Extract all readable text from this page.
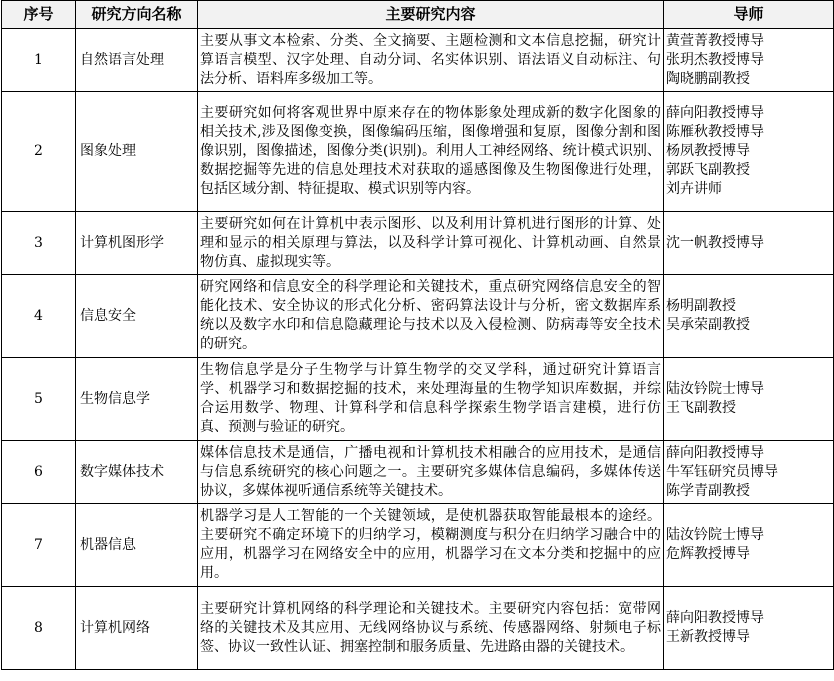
序号	研究方向名称	主要研究内容	导师
1	自然语言处理	主要从事文本检索、分类、全文摘要、主题检测和文本信息挖掘，研究计算语言模型、汉字处理、自动分词、名实体识别、语法语义自动标注、句法分析、语料库多级加工等。	黄萱菁教授博导
张玥杰教授博导
陶晓鹏副教授

2	图象处理	主要研究如何将客观世界中原来存在的物体影象处理成新的数字化图象的相关技术,涉及图像变换，图像编码压缩，图像增强和复原，图像分割和图像识别，图像描述，图像分类(识别)。利用人工神经网络、统计模式识别、数据挖掘等先进的信息处理技术对获取的遥感图像及生物图像进行处理，包括区域分割、特征提取、模式识别等内容。	薛向阳教授博导
陈雁秋教授博导
杨夙教授博导
郭跃飞副教授
刘卉讲师

3	计算机图形学	主要研究如何在计算机中表示图形、以及利用计算机进行图形的计算、处理和显示的相关原理与算法，以及科学计算可视化、计算机动画、自然景物仿真、虚拟现实等。	沈一帆教授博导

4	信息安全	研究网络和信息安全的科学理论和关键技术，重点研究网络信息安全的智能化技术、安全协议的形式化分析、密码算法设计与分析，密文数据库系统以及数字水印和信息隐藏理论与技术以及入侵检测、防病毒等安全技术的研究。	杨明副教授
吴承荣副教授

5	生物信息学	生物信息学是分子生物学与计算生物学的交叉学科，通过研究计算语言学、机器学习和数据挖掘的技术，来处理海量的生物学知识库数据，并综合运用数学、物理、计算科学和信息科学探索生物学语言建模，进行仿真、预测与验证的研究。	陆汝钤院士博导
王飞副教授

6	数字媒体技术	媒体信息技术是通信，广播电视和计算机技术相融合的应用技术，是通信与信息系统研究的核心问题之一。主要研究多媒体信息编码，多媒体传送协议，多媒体视听通信系统等关键技术。	薛向阳教授博导
牛军钰研究员博导
陈学青副教授

7	机器信息	机器学习是人工智能的一个关键领域，是使机器获取智能最根本的途经。主要研究不确定环境下的归纳学习，模糊测度与积分在归纳学习融合中的应用，机器学习在网络安全中的应用，机器学习在文本分类和挖掘中的应用。	陆汝钤院士博导
危辉教授博导

8	计算机网络	主要研究计算机网络的科学理论和关键技术。主要研究内容包括：宽带网络的关键技术及其应用、无线网络协议与系统、传感器网络、射频电子标签、协议一致性认证、拥塞控制和服务质量、先进路由器的关键技术。	薛向阳教授博导
王新教授博导
